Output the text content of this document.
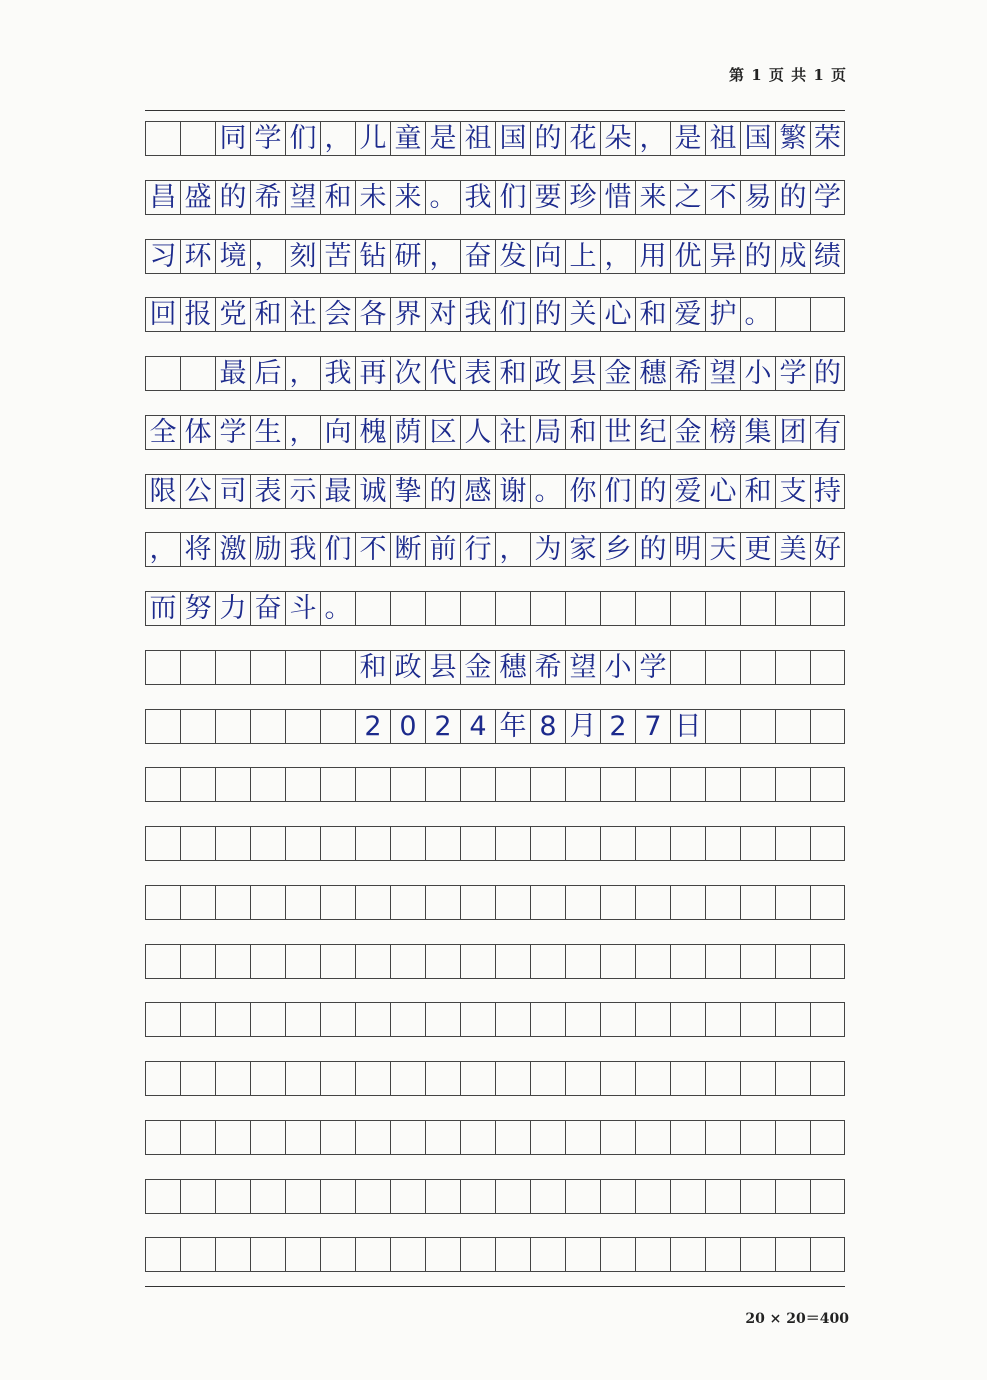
第 1 页 共 1 页
同 学 们 ， 儿 童 是 祖 国 的 花 朵 ， 是 祖 国 繁 荣
昌 盛 的 希 望 和 未 来 。 我 们 要 珍 惜 来 之 不 易 的 学
习 环 境 ， 刻 苦 钻 研 ， 奋 发 向 上 ， 用 优 异 的 成 绩
回 报 党 和 社 会 各 界 对 我 们 的 关 心 和 爱 护 。
最 后 ， 我 再 次 代 表 和 政 县 金 穗 希 望 小 学 的
全 体 学 生 ， 向 槐 荫 区 人 社 局 和 世 纪 金 榜 集 团 有
限 公 司 表 示 最 诚 挚 的 感 谢 。 你 们 的 爱 心 和 支 持
， 将 激 励 我 们 不 断 前 行 ， 为 家 乡 的 明 天 更 美 好
而 努 力 奋 斗 。
和 政 县 金 穗 希 望 小 学
2 0 2 4 年 8 月 2 7 日
20 × 20＝400
